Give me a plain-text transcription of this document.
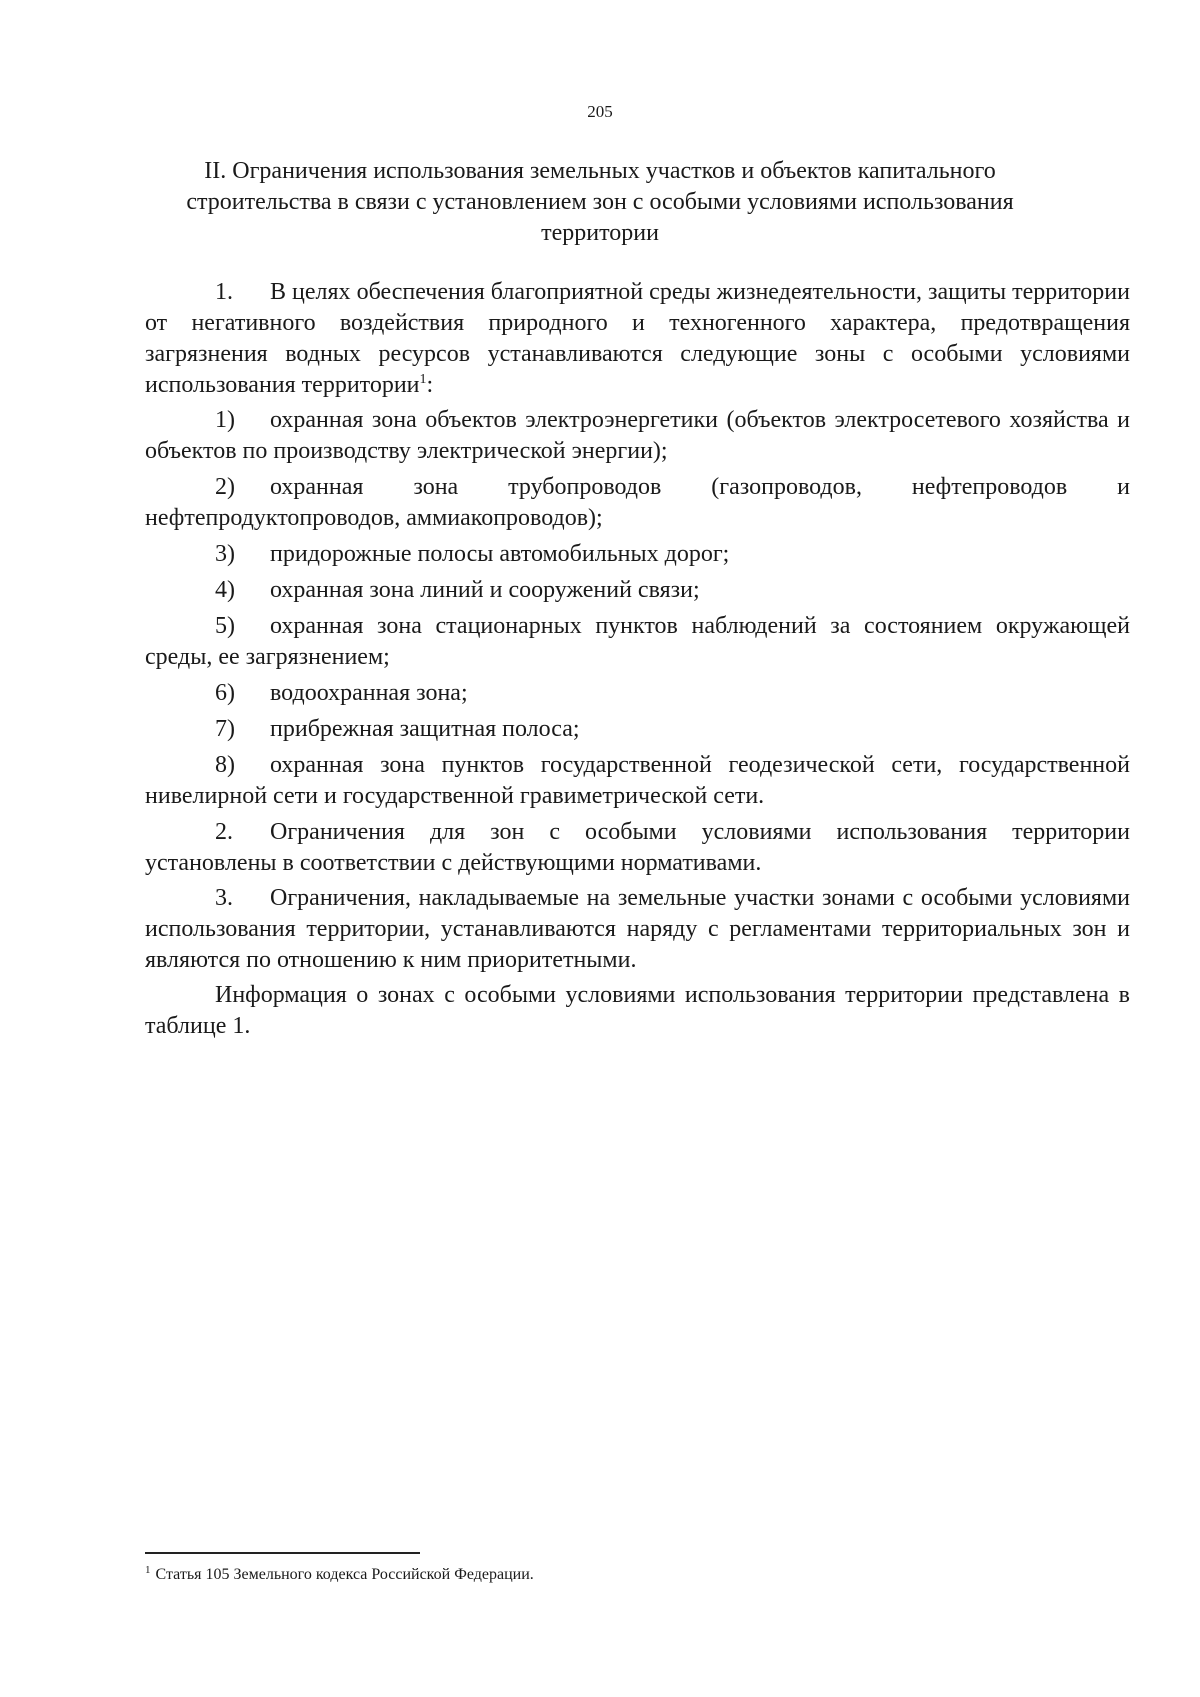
205
II. Ограничения использования земельных участков и объектов капитального строительства в связи с установлением зон с особыми условиями использования территории

1. В целях обеспечения благоприятной среды жизнедеятельности, защиты территории от негативного воздействия природного и техногенного характера, предотвращения загрязнения водных ресурсов устанавливаются следующие зоны с особыми условиями использования территории$^1$:

1) охранная зона объектов электроэнергетики (объектов электросетевого хозяйства и объектов по производству электрической энергии);

2) охранная зона трубопроводов (газопроводов, нефтепроводов и нефтепродуктопроводов, аммиакопроводов);

3) придорожные полосы автомобильных дорог;

4) охранная зона линий и сооружений связи;

5) охранная зона стационарных пунктов наблюдений за состоянием окружающей среды, ее загрязнением;

6) водоохранная зона;

7) прибрежная защитная полоса;

8) охранная зона пунктов государственной геодезической сети, государственной нивелирной сети и государственной гравиметрической сети.

2. Ограничения для зон с особыми условиями использования территории установлены в соответствии с действующими нормативами.

3. Ограничения, накладываемые на земельные участки зонами с особыми условиями использования территории, устанавливаются наряду с регламентами территориальных зон и являются по отношению к ним приоритетными.

Информация о зонах с особыми условиями использования территории представлена в таблице 1.

$^1$ Статья 105 Земельного кодекса Российской Федерации.
